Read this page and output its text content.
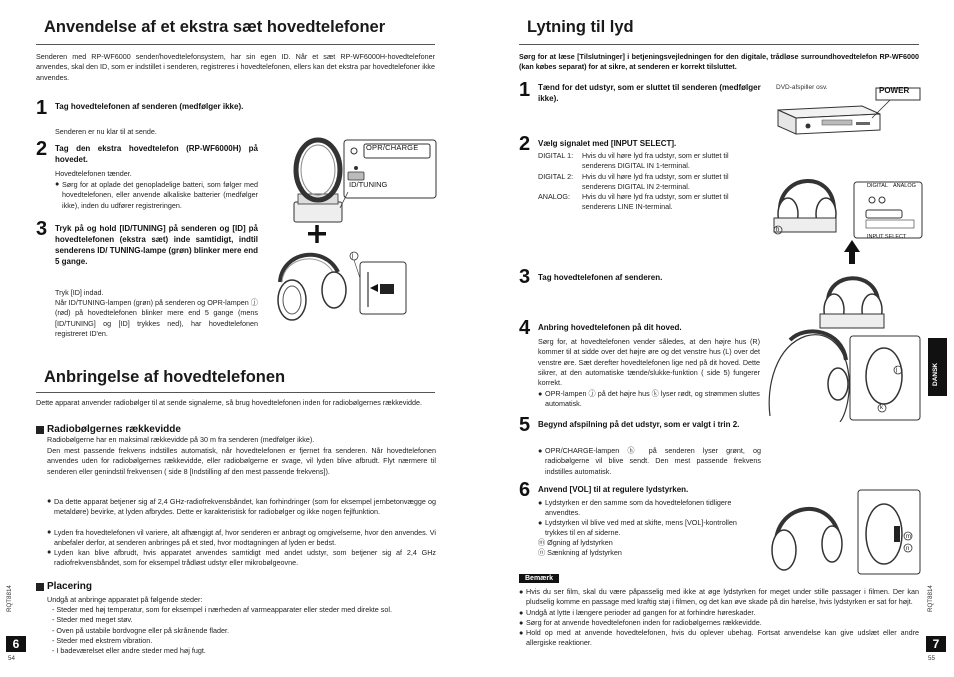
Anvendelse af et ekstra sæt hovedtelefoner
Senderen med RP-WF6000 sender/hovedtelefonsystem, har sin egen ID. Når et sæt RP-WF6000H-hovedtelefoner anvendes, skal den ID, som er indstillet i senderen, registreres i hovedtelefonen, ellers kan det ekstra par hovedtelefoner ikke anvendes.
1 Tag hovedtelefonen af senderen (medfølger ikke).
Senderen er nu klar til at sende.
2 Tag den ekstra hovedtelefon (RP-WF6000H) på hovedet.
Hovedtelefonen tænder.
● Sørg for at oplade det genopladelige batteri, som følger med hovedtelefonen, eller anvende alkaliske batterier (medfølger ikke), inden du udfører registreringen.
3 Tryk på og hold [ID/TUNING] på senderen og [ID] på hovedtelefonen (ekstra sæt) inde samtidigt, indtil senderens ID/ TUNING-lampe (grøn) blinker mere end 5 gange.
Tryk [ID] indad.
Når ID/TUNING-lampen (grøn) på senderen og OPR-lampen ⓙ (rød) på hovedtelefonen blinker mere end 5 gange (mens [ID/TUNING] og [ID] trykkes ned), har hovedtelefonen registreret ID'en.
OPR/CHARGE
ID/TUNING
j
Anbringelse af hovedtelefonen
Dette apparat anvender radiobølger til at sende signalerne, så brug hovedtelefonen inden for radiobølgernes rækkevidde.
Radiobølgernes rækkevidde
Radiobølgerne har en maksimal rækkevidde på 30 m fra senderen (medfølger ikke).
Den mest passende frekvens indstilles automatisk, når hovedtelefonen er fjernet fra senderen. Når hovedtelefonen anvendes uden for radiobølgernes rækkevidde, eller radiobølgerne er svage, vil lyden blive afbrudt. Flyt nærmere til senderen eller genindstil frekvensen ( side 8 [Indstilling af den mest passende frekvens]).
● Da dette apparat betjener sig af 2,4 GHz-radiofrekvensbåndet, kan forhindringer (som for eksempel jernbetonvægge og metaldøre) bevirke, at lyden afbrydes. Dette er karakteristisk for radiobølger og ikke nogen fejlfunktion.
● Lyden fra hovedtelefonen vil variere, alt afhængigt af, hvor senderen er anbragt og omgivelserne, hvor den anvendes. Vi anbefaler derfor, at senderen anbringes på et sted, hvor modtagningen af lyden er bedst.
● Lyden kan blive afbrudt, hvis apparatet anvendes samtidigt med andet udstyr, som betjener sig af 2,4 GHz radiofrekvensbåndet, som for eksempel trådløst udstyr eller mikrobølgeovne.
Placering
Undgå at anbringe apparatet på følgende steder:
- Steder med høj temperatur, som for eksempel i nærheden af varmeapparater eller steder med direkte sol.
- Steder med meget støv.
- Oven på ustabile bordvogne eller på skrånende flader.
- Steder med ekstrem vibration.
- I badeværelset eller andre steder med høj fugt.
RQT8814
6
54
Lytning til lyd
Sørg for at læse [Tilslutninger] i betjeningsvejledningen for den digitale, trådløse surroundhovedtelefon RP-WF6000 (kan købes separat) for at sikre, at senderen er korrekt tilsluttet.
1 Tænd for det udstyr, som er sluttet til senderen (medfølger ikke).
DVD-afspiller osv.	POWER
2 Vælg signalet med [INPUT SELECT].
DIGITAL 1:	Hvis du vil høre lyd fra udstyr, som er sluttet til senderens DIGITAL IN 1-terminal.
DIGITAL 2:	Hvis du vil høre lyd fra udstyr, som er sluttet til senderens DIGITAL IN 2-terminal.
ANALOG:	Hvis du vil høre lyd fra udstyr, som er sluttet til senderens LINE IN-terminal.
DIGITAL ANALOG
INPUT SELECT
h
3 Tag hovedtelefonen af senderen.
4 Anbring hovedtelefonen på dit hoved.
Sørg for, at hovedtelefonen vender således, at den højre hus (R) kommer til at sidde over det højre øre og det venstre hus (L) over det venstre øre. Sæt derefter hovedtelefonen lige ned på dit hoved. Dette sikrer, at den automatiske tænde/slukke-funktion ( side 5) fungerer korrekt.
● OPR-lampen ⓙ på det højre hus ⓚ lyser rødt, og strømmen sluttes automatisk.
j
k
5 Begynd afspilning på det udstyr, som er valgt i trin 2.
● OPR/CHARGE-lampen ⓗ på senderen lyser grønt, og radiobølgerne vil blive sendt. Den mest passende frekvens indstilles automatisk.
6 Anvend [VOL] til at regulere lydstyrken.
● Lydstyrken er den samme som da hovedtelefonen tidligere anvendtes.
● Lydstyrken vil blive ved med at skifte, mens [VOL]-kontrollen trykkes til en af siderne.
ⓜ Øgning af lydstyrken
ⓝ Sænkning af lydstyrken
m
n
Bemærk
● Hvis du ser film, skal du være påpasselig med ikke at øge lydstyrken for meget under stille passager i filmen. Der kan pludselig komme en passage med kraftig støj i filmen, og det kan øve skade på din hørelse, hvis lydstyrken er sat for højt.
● Undgå at lytte i længere perioder ad gangen for at forhindre høreskader.
● Sørg for at anvende hovedtelefonen inden for radiobølgernes rækkevidde.
● Hold op med at anvende hovedtelefonen, hvis du oplever ubehag. Fortsat anvendelse kan give udslæt eller andre allergiske reaktioner.
DANSK
RQT8814
7
55
